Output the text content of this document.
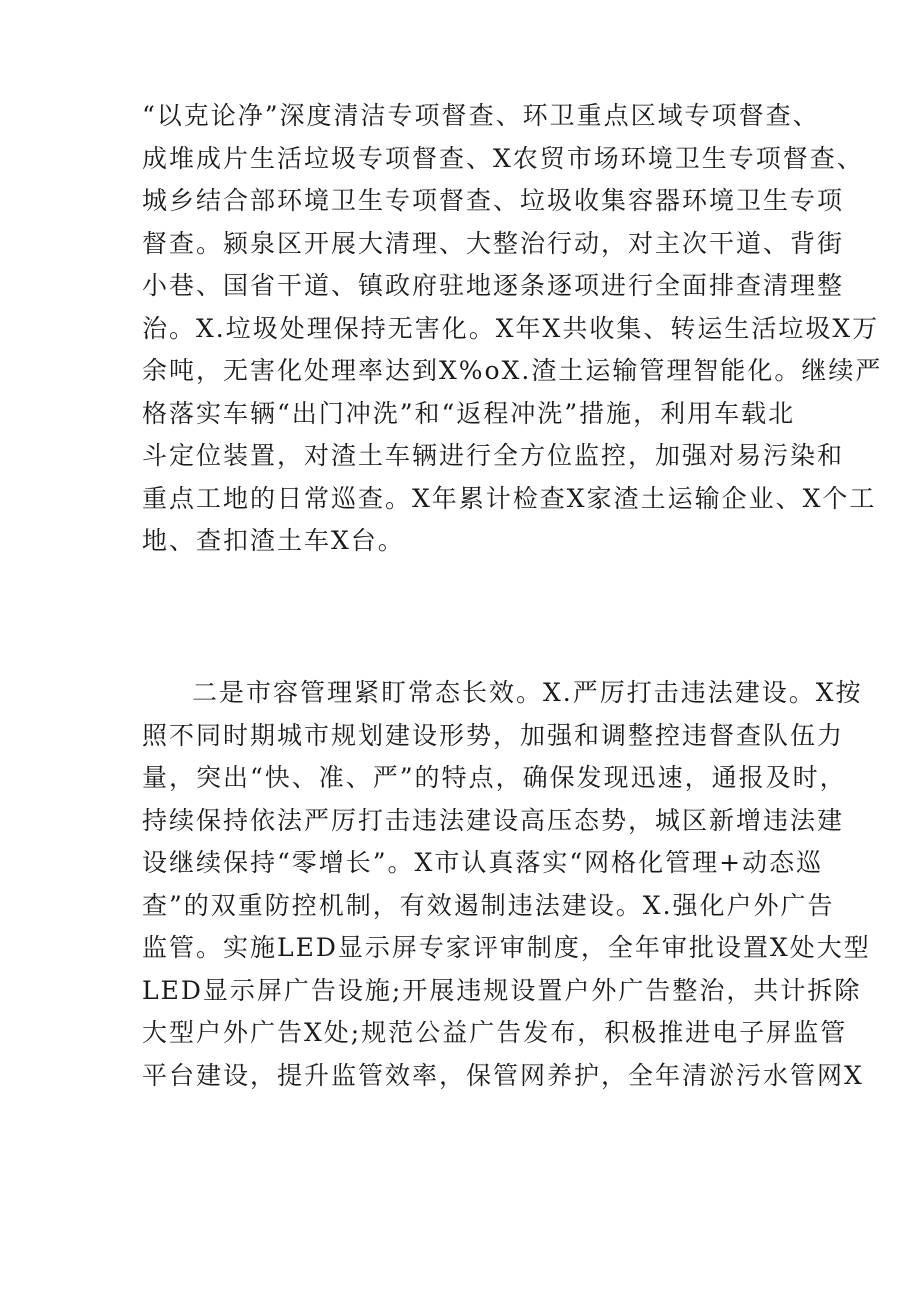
“以克论净”深度清洁专项督查、环卫重点区域专项督查、
成堆成片生活垃圾专项督查、X农贸市场环境卫生专项督查、
城乡结合部环境卫生专项督查、垃圾收集容器环境卫生专项
督查。颍泉区开展大清理、大整治行动，对主次干道、背街
小巷、国省干道、镇政府驻地逐条逐项进行全面排查清理整
治。X.垃圾处理保持无害化。X年X共收集、转运生活垃圾X万
余吨，无害化处理率达到X%oX.渣土运输管理智能化。继续严
格落实车辆“出门冲洗”和“返程冲洗”措施，利用车载北
斗定位装置，对渣土车辆进行全方位监控，加强对易污染和
重点工地的日常巡查。X年累计检查X家渣土运输企业、X个工
地、查扣渣土车X台。
二是市容管理紧盯常态长效。X.严厉打击违法建设。X按
照不同时期城市规划建设形势，加强和调整控违督查队伍力
量，突出“快、准、严”的特点，确保发现迅速，通报及时，
持续保持依法严厉打击违法建设高压态势，城区新增违法建
设继续保持“零增长”。X市认真落实“网格化管理+动态巡
查”的双重防控机制，有效遏制违法建设。X.强化户外广告
监管。实施LED显示屏专家评审制度，全年审批设置X处大型
LED显示屏广告设施;开展违规设置户外广告整治，共计拆除
大型户外广告X处;规范公益广告发布，积极推进电子屏监管
平台建设，提升监管效率，保管网养护，全年清淤污水管网X
